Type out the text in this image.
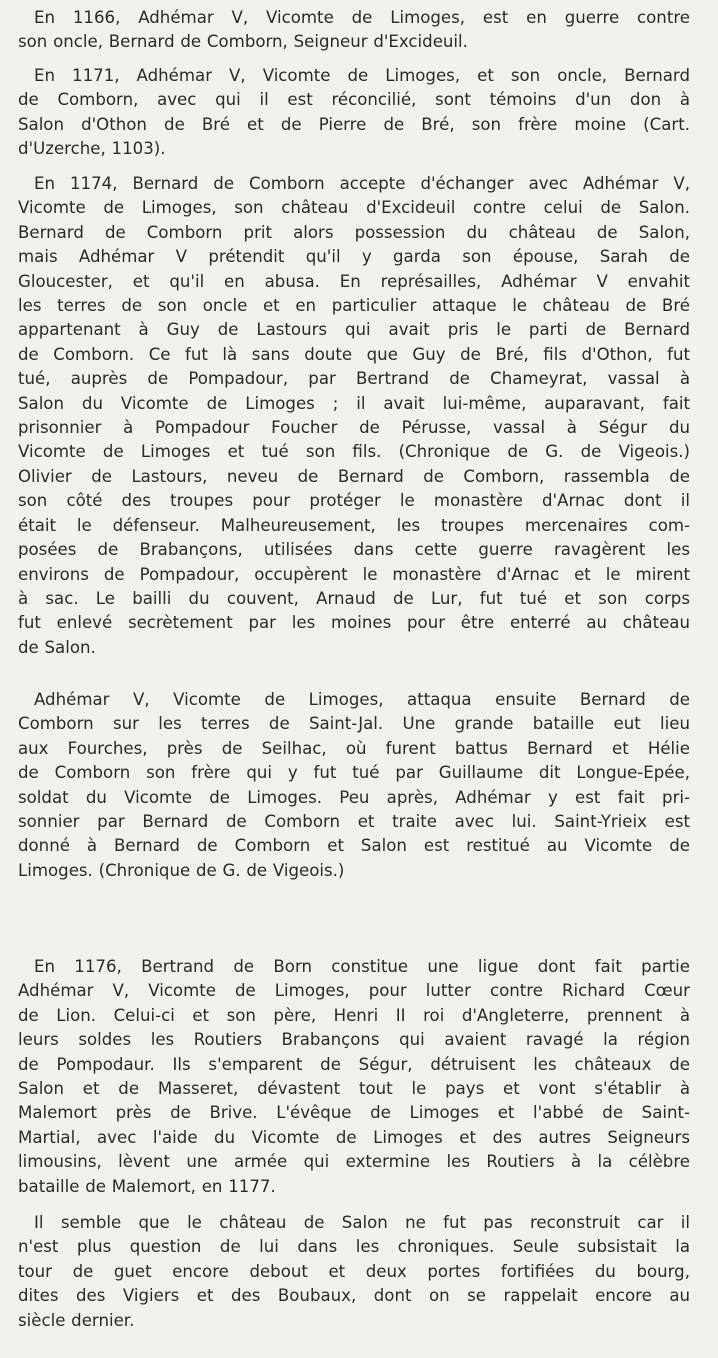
En 1166, Adhémar V, Vicomte de Limoges, est en guerre contre
son oncle, Bernard de Comborn, Seigneur d'Excideuil.
En 1171, Adhémar V, Vicomte de Limoges, et son oncle, Bernard
de Comborn, avec qui il est réconcilié, sont témoins d'un don à
Salon d'Othon de Bré et de Pierre de Bré, son frère moine (Cart.
d'Uzerche, 1103).
En 1174, Bernard de Comborn accepte d'échanger avec Adhémar V,
Vicomte de Limoges, son château d'Excideuil contre celui de Salon.
Bernard de Comborn prit alors possession du château de Salon,
mais Adhémar V prétendit qu'il y garda son épouse, Sarah de
Gloucester, et qu'il en abusa. En représailles, Adhémar V envahit
les terres de son oncle et en particulier attaque le château de Bré
appartenant à Guy de Lastours qui avait pris le parti de Bernard
de Comborn. Ce fut là sans doute que Guy de Bré, fils d'Othon, fut
tué, auprès de Pompadour, par Bertrand de Chameyrat, vassal à
Salon du Vicomte de Limoges ; il avait lui-même, auparavant, fait
prisonnier à Pompadour Foucher de Pérusse, vassal à Ségur du
Vicomte de Limoges et tué son fils. (Chronique de G. de Vigeois.)
Olivier de Lastours, neveu de Bernard de Comborn, rassembla de
son côté des troupes pour protéger le monastère d'Arnac dont il
était le défenseur. Malheureusement, les troupes mercenaires com-
posées de Brabançons, utilisées dans cette guerre ravagèrent les
environs de Pompadour, occupèrent le monastère d'Arnac et le mirent
à sac. Le bailli du couvent, Arnaud de Lur, fut tué et son corps
fut enlevé secrètement par les moines pour être enterré au château
de Salon.
Adhémar V, Vicomte de Limoges, attaqua ensuite Bernard de
Comborn sur les terres de Saint-Jal. Une grande bataille eut lieu
aux Fourches, près de Seilhac, où furent battus Bernard et Hélie
de Comborn son frère qui y fut tué par Guillaume dit Longue-Epée,
soldat du Vicomte de Limoges. Peu après, Adhémar y est fait pri-
sonnier par Bernard de Comborn et traite avec lui. Saint-Yrieix est
donné à Bernard de Comborn et Salon est restitué au Vicomte de
Limoges. (Chronique de G. de Vigeois.)
En 1176, Bertrand de Born constitue une ligue dont fait partie
Adhémar V, Vicomte de Limoges, pour lutter contre Richard Cœur
de Lion. Celui-ci et son père, Henri II roi d'Angleterre, prennent à
leurs soldes les Routiers Brabançons qui avaient ravagé la région
de Pompodaur. Ils s'emparent de Ségur, détruisent les châteaux de
Salon et de Masseret, dévastent tout le pays et vont s'établir à
Malemort près de Brive. L'évêque de Limoges et l'abbé de Saint-
Martial, avec l'aide du Vicomte de Limoges et des autres Seigneurs
limousins, lèvent une armée qui extermine les Routiers à la célèbre
bataille de Malemort, en 1177.
Il semble que le château de Salon ne fut pas reconstruit car il
n'est plus question de lui dans les chroniques. Seule subsistait la
tour de guet encore debout et deux portes fortifiées du bourg,
dites des Vigiers et des Boubaux, dont on se rappelait encore au
siècle dernier.
